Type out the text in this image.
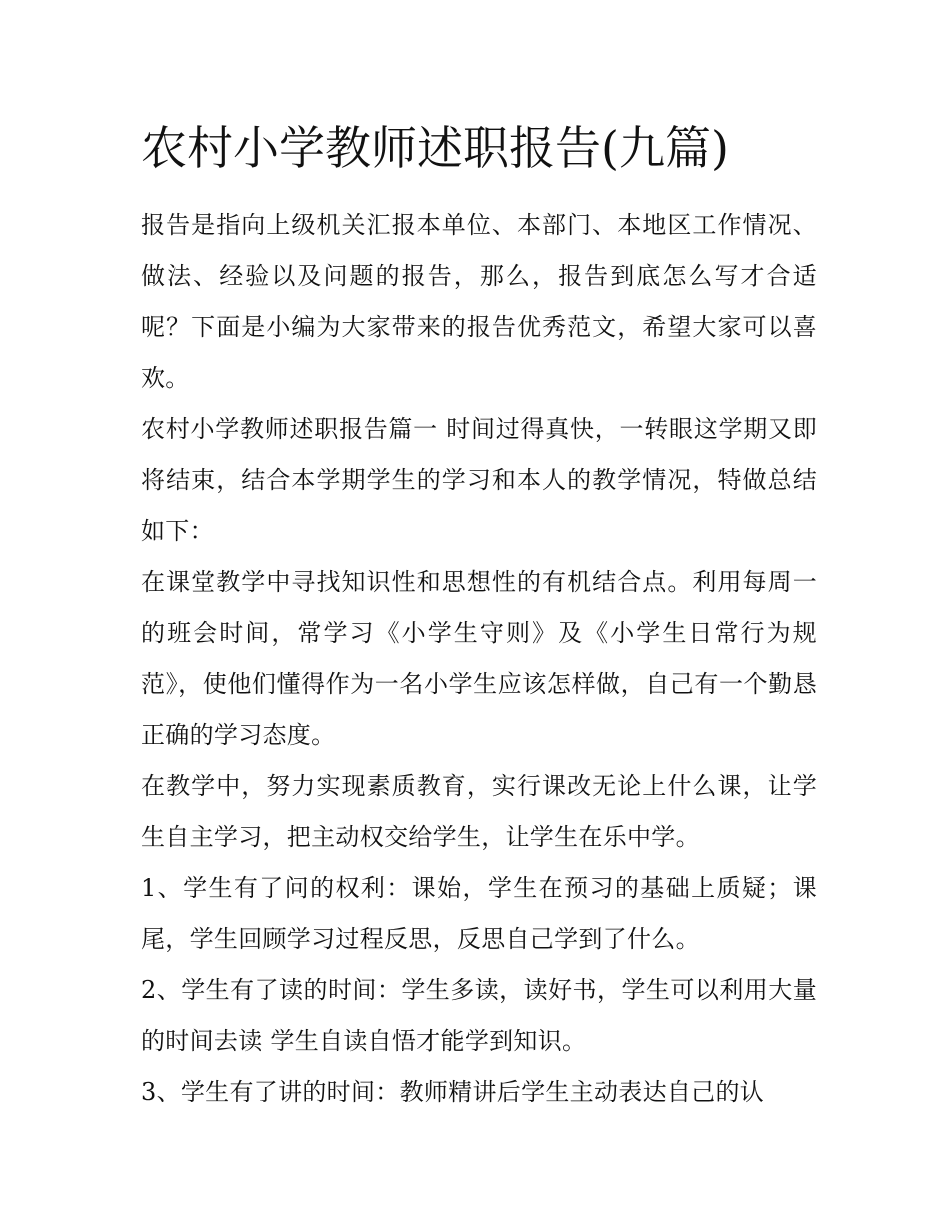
农村小学教师述职报告(九篇)

报告是指向上级机关汇报本单位、本部门、本地区工作情况、做法、经验以及问题的报告，那么，报告到底怎么写才合适呢？下面是小编为大家带来的报告优秀范文，希望大家可以喜欢。

农村小学教师述职报告篇一 时间过得真快，一转眼这学期又即将结束，结合本学期学生的学习和本人的教学情况，特做总结如下：

在课堂教学中寻找知识性和思想性的有机结合点。利用每周一的班会时间，常学习《小学生守则》及《小学生日常行为规范》，使他们懂得作为一名小学生应该怎样做，自己有一个勤恳正确的学习态度。

在教学中，努力实现素质教育，实行课改无论上什么课，让学生自主学习，把主动权交给学生，让学生在乐中学。

1、学生有了问的权利：课始，学生在预习的基础上质疑；课尾，学生回顾学习过程反思，反思自己学到了什么。

2、学生有了读的时间：学生多读，读好书，学生可以利用大量的时间去读 学生自读自悟才能学到知识。

3、学生有了讲的时间：教师精讲后学生主动表达自己的认
